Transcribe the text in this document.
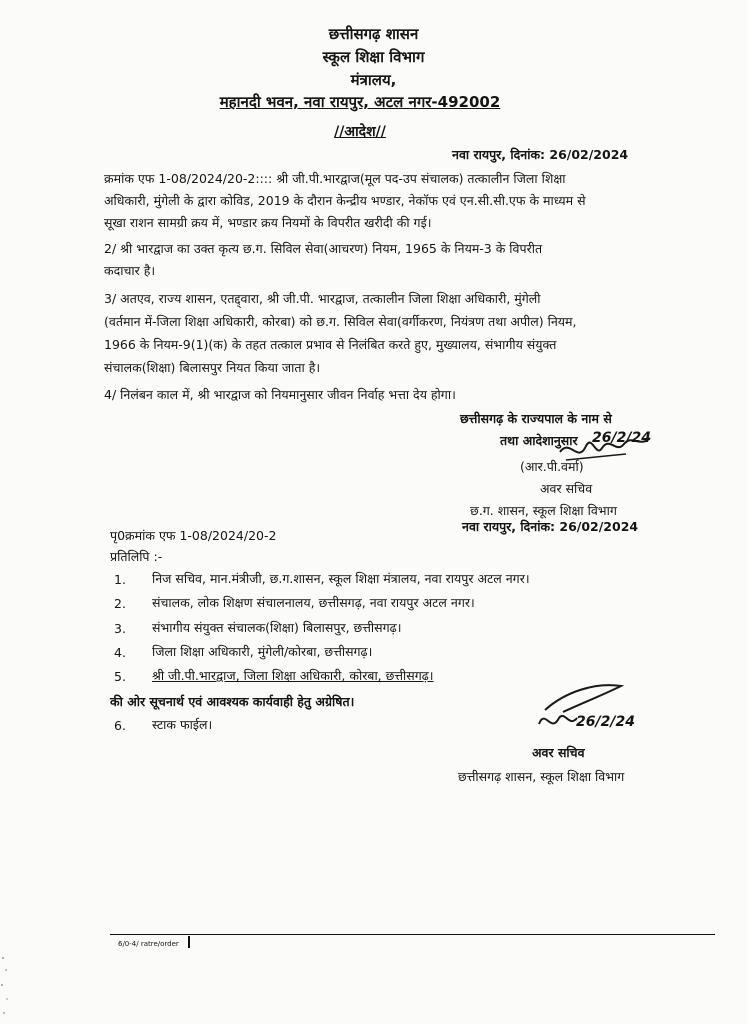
छत्तीसगढ़ शासन
स्कूल शिक्षा विभाग
मंत्रालय,
महानदी भवन, नवा रायपुर, अटल नगर-492002
//आदेश//
नवा रायपुर, दिनांक: 26/02/2024
क्रमांक एफ 1-08/2024/20-2:::: श्री जी.पी.भारद्वाज(मूल पद-उप संचालक) तत्कालीन जिला शिक्षा
अधिकारी, मुंगेली के द्वारा कोविड, 2019 के दौरान केन्द्रीय भण्डार, नेकॉफ एवं एन.सी.सी.एफ के माध्यम से
सूखा राशन सामग्री क्रय में, भण्डार क्रय नियमों के विपरीत खरीदी की गई।
2/ श्री भारद्वाज का उक्त कृत्य छ.ग. सिविल सेवा(आचरण) नियम, 1965 के नियम-3 के विपरीत
कदाचार है।
3/ अतएव, राज्य शासन, एतद्द्वारा, श्री जी.पी. भारद्वाज, तत्कालीन जिला शिक्षा अधिकारी, मुंगेली
(वर्तमान में-जिला शिक्षा अधिकारी, कोरबा) को छ.ग. सिविल सेवा(वर्गीकरण, नियंत्रण तथा अपील) नियम,
1966 के नियम-9(1)(क) के तहत तत्काल प्रभाव से निलंबित करते हुए, मुख्यालय, संभागीय संयुक्त
संचालक(शिक्षा) बिलासपुर नियत किया जाता है।
4/ निलंबन काल में, श्री भारद्वाज को नियमानुसार जीवन निर्वाह भत्ता देय होगा।
छत्तीसगढ़ के राज्यपाल के नाम से
तथा आदेशानुसार 26/2/24
(आर.पी.वर्मा)
अवर सचिव
छ.ग. शासन, स्कूल शिक्षा विभाग
नवा रायपुर, दिनांक: 26/02/2024
पृ0क्रमांक एफ 1-08/2024/20-2
प्रतिलिपि :-
1. निज सचिव, मान.मंत्रीजी, छ.ग.शासन, स्कूल शिक्षा मंत्रालय, नवा रायपुर अटल नगर।
2. संचालक, लोक शिक्षण संचालनालय, छत्तीसगढ़, नवा रायपुर अटल नगर।
3. संभागीय संयुक्त संचालक(शिक्षा) बिलासपुर, छत्तीसगढ़।
4. जिला शिक्षा अधिकारी, मुंगेली/कोरबा, छत्तीसगढ़।
5. श्री जी.पी.भारद्वाज, जिला शिक्षा अधिकारी, कोरबा, छत्तीसगढ़।
की ओर सूचनार्थ एवं आवश्यक कार्यवाही हेतु अग्रेषित।
6. स्टाक फाईल।	26/2/24
अवर सचिव
छत्तीसगढ़ शासन, स्कूल शिक्षा विभाग
6/0-4/ ratre/order
